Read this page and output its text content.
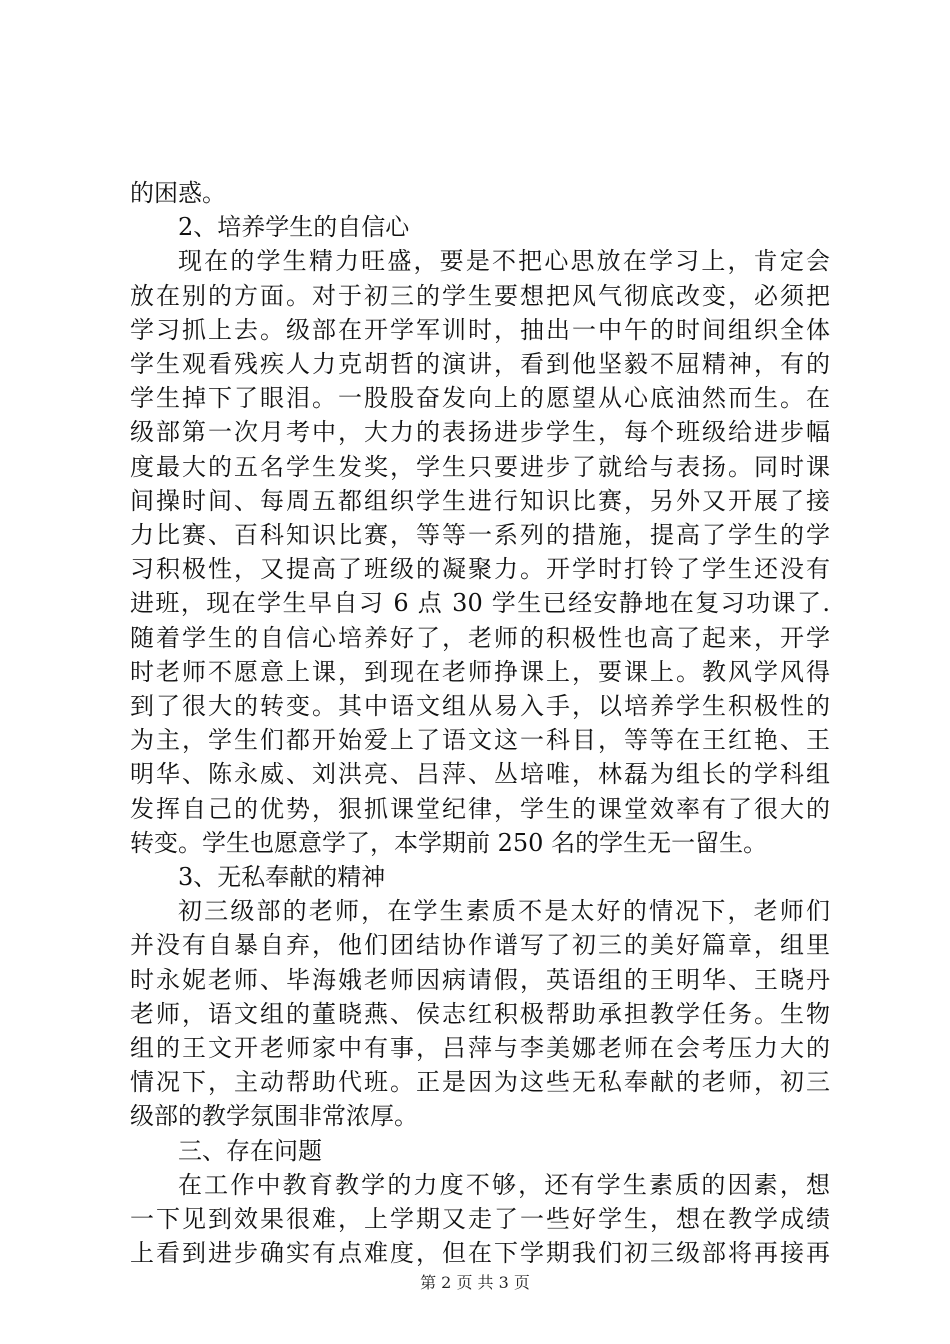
的困惑。
2、培养学生的自信心
现在的学生精力旺盛，要是不把心思放在学习上，肯定会
放在别的方面。对于初三的学生要想把风气彻底改变，必须把
学习抓上去。级部在开学军训时，抽出一中午的时间组织全体
学生观看残疾人力克胡哲的演讲，看到他坚毅不屈精神，有的
学生掉下了眼泪。一股股奋发向上的愿望从心底油然而生。在
级部第一次月考中，大力的表扬进步学生，每个班级给进步幅
度最大的五名学生发奖，学生只要进步了就给与表扬。同时课
间操时间、每周五都组织学生进行知识比赛，另外又开展了接
力比赛、百科知识比赛，等等一系列的措施，提高了学生的学
习积极性，又提高了班级的凝聚力。开学时打铃了学生还没有
进班，现在学生早自习 6 点 30 学生已经安静地在复习功课了.
随着学生的自信心培养好了，老师的积极性也高了起来，开学
时老师不愿意上课，到现在老师挣课上，要课上。教风学风得
到了很大的转变。其中语文组从易入手，以培养学生积极性的
为主，学生们都开始爱上了语文这一科目，等等在王红艳、王
明华、陈永威、刘洪亮、吕萍、丛培唯，林磊为组长的学科组
发挥自己的优势，狠抓课堂纪律，学生的课堂效率有了很大的
转变。学生也愿意学了，本学期前 250 名的学生无一留生。
3、无私奉献的精神
初三级部的老师，在学生素质不是太好的情况下，老师们
并没有自暴自弃，他们团结协作谱写了初三的美好篇章，组里
时永妮老师、毕海娥老师因病请假，英语组的王明华、王晓丹
老师，语文组的董晓燕、侯志红积极帮助承担教学任务。生物
组的王文开老师家中有事，吕萍与李美娜老师在会考压力大的
情况下，主动帮助代班。正是因为这些无私奉献的老师，初三
级部的教学氛围非常浓厚。
三、存在问题
在工作中教育教学的力度不够，还有学生素质的因素，想
一下见到效果很难，上学期又走了一些好学生，想在教学成绩
上看到进步确实有点难度，但在下学期我们初三级部将再接再
第 2 页 共 3 页
